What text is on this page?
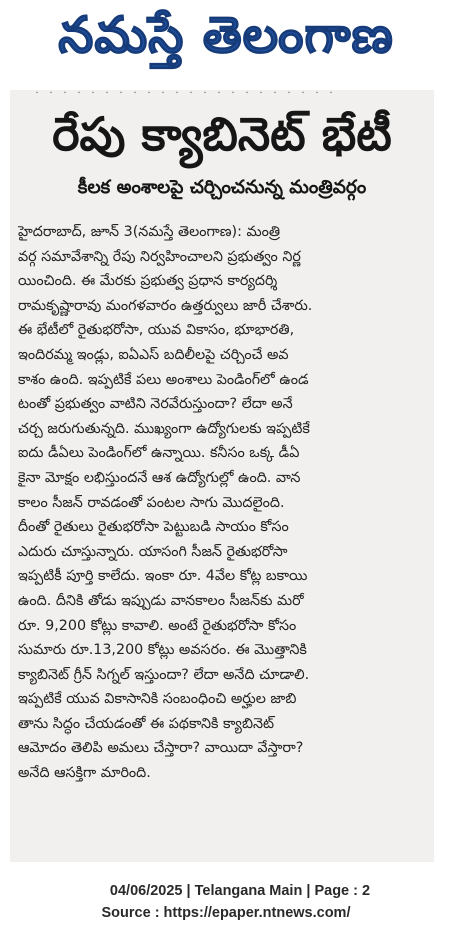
నమస్తే తెలంగాణ
˙˙˙˙˙˙˙˙˙˙˙˙˙˙˙˙˙˙˙˙˙˙
రేపు క్యాబినెట్ భేటీ
కీలక అంశాలపై చర్చించనున్న మంత్రివర్గం
హైదరాబాద్, జూన్ 3(నమస్తే తెలంగాణ): మంత్రి
వర్గ సమావేశాన్ని రేపు నిర్వహించాలని ప్రభుత్వం నిర్ణ
యించింది. ఈ మేరకు ప్రభుత్వ ప్రధాన కార్యదర్శి
రామకృష్ణారావు మంగళవారం ఉత్తర్వులు జారీ చేశారు.
ఈ భేటీలో రైతుభరోసా, యువ వికాసం, భూభారతి,
ఇందిరమ్మ ఇండ్లు, ఐఏఎస్ బదిలీలపై చర్చించే అవ
కాశం ఉంది. ఇప్పటికే పలు అంశాలు పెండింగ్‌లో ఉండ
టంతో ప్రభుత్వం వాటిని నెరవేరుస్తుందా? లేదా అనే
చర్చ జరుగుతున్నది. ముఖ్యంగా ఉద్యోగులకు ఇప్పటికే
ఐదు డీఏలు పెండింగ్‌లో ఉన్నాయి. కనీసం ఒక్క డీఏ
కైనా మోక్షం లభిస్తుందనే ఆశ ఉద్యోగుల్లో ఉంది. వాన
కాలం సీజన్ రావడంతో పంటల సాగు మొదలైంది.
దీంతో రైతులు రైతుభరోసా పెట్టుబడి సాయం కోసం
ఎదురు చూస్తున్నారు. యాసంగి సీజన్ రైతుభరోసా
ఇప్పటికీ పూర్తి కాలేదు. ఇంకా రూ. 4వేల కోట్ల బకాయి
ఉంది. దీనికి తోడు ఇప్పుడు వానకాలం సీజన్‌కు మరో
రూ. 9,200 కోట్లు కావాలి. అంటే రైతుభరోసా కోసం
సుమారు రూ.13,200 కోట్లు అవసరం. ఈ మొత్తానికి
క్యాబినెట్ గ్రీన్ సిగ్నల్ ఇస్తుందా? లేదా అనేది చూడాలి.
ఇప్పటికే యువ వికాసానికి సంబంధించి అర్హుల జాబి
తాను సిద్ధం చేయడంతో ఈ పథకానికి క్యాబినెట్
ఆమోదం తెలిపి అమలు చేస్తారా? వాయిదా వేస్తారా?
అనేది ఆసక్తిగా మారింది.
04/06/2025 | Telangana Main | Page : 2
Source : https://epaper.ntnews.com/
